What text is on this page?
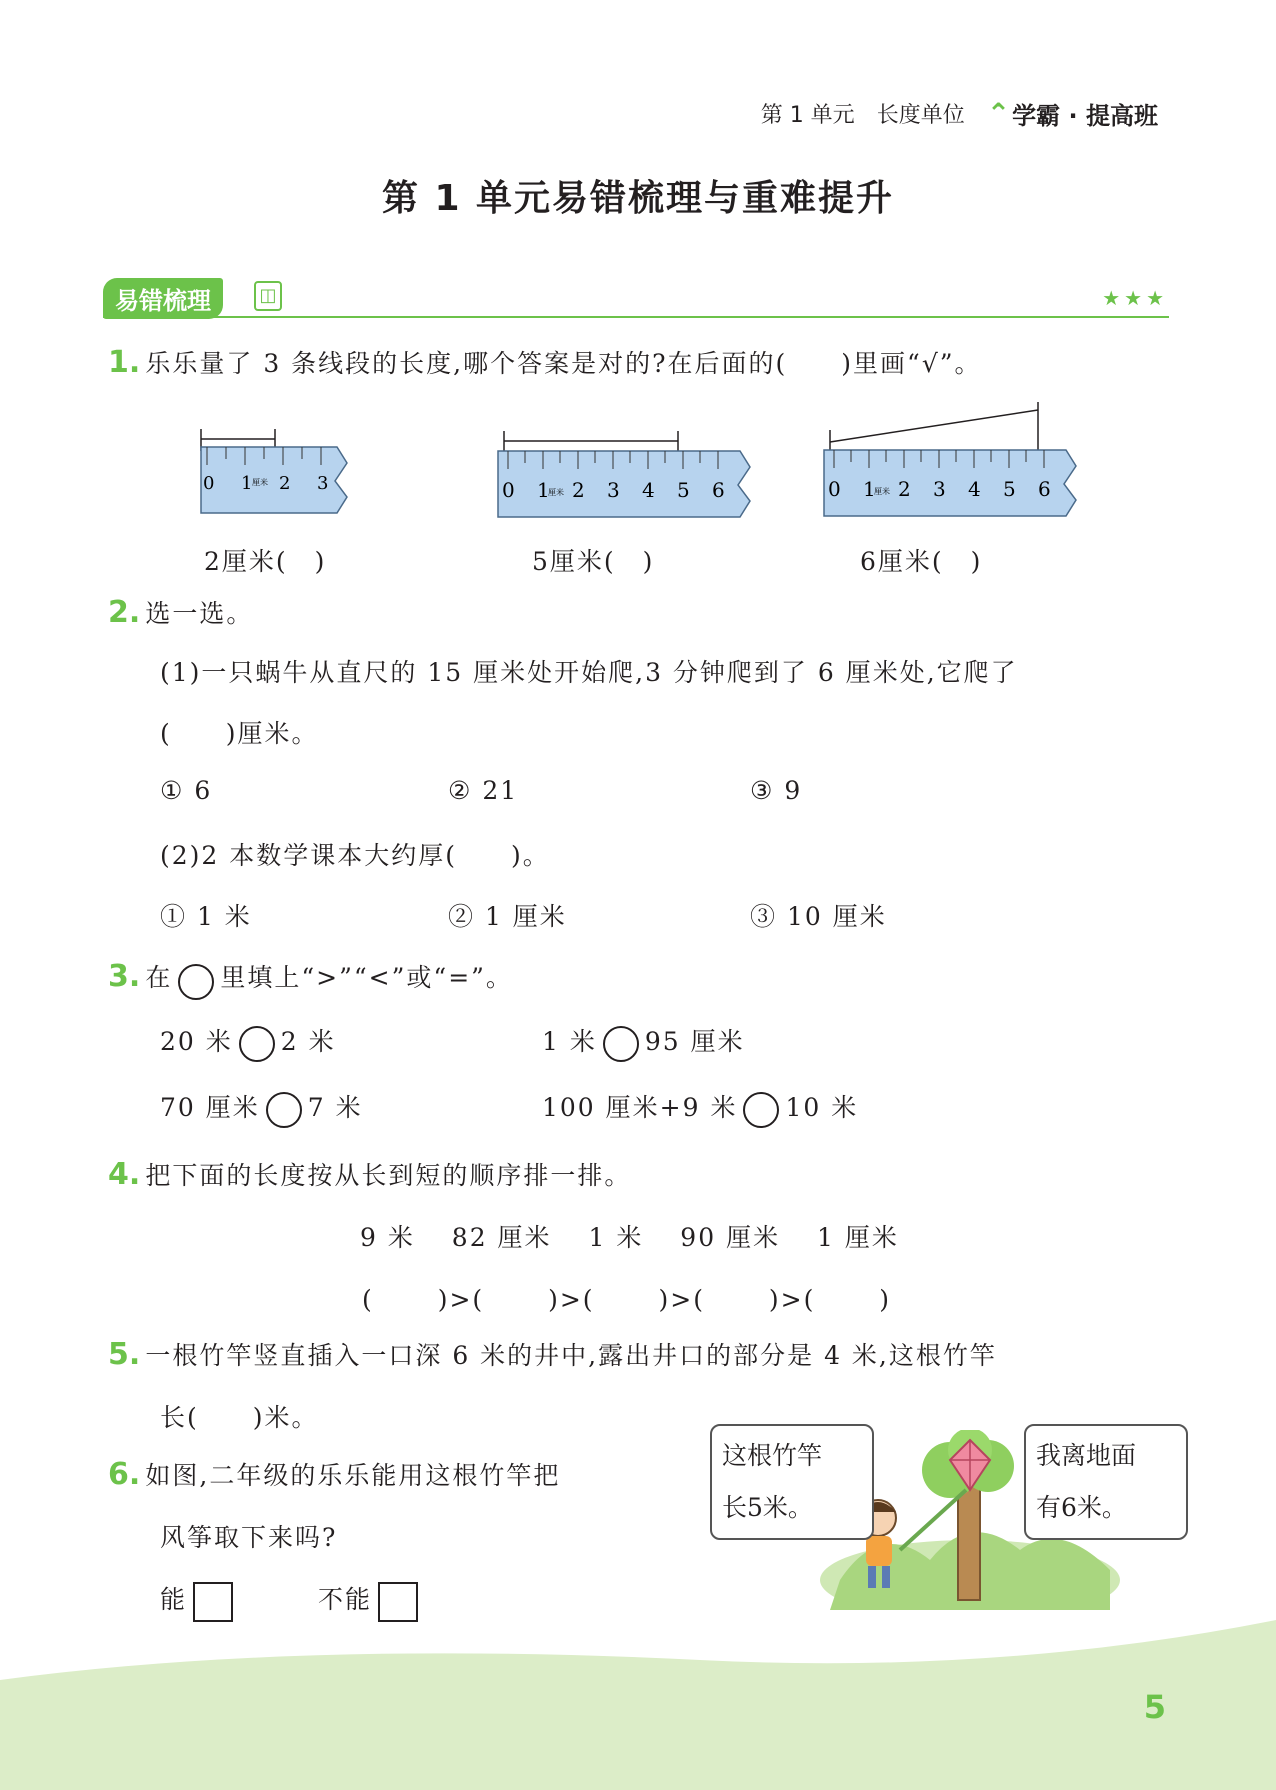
第 1 单元 长度单位 ⌃ 学霸 · 提高班
第 1 单元易错梳理与重难提升
易错梳理	◫	★★★
1. 乐乐量了 3 条线段的长度,哪个答案是对的?在后面的(　　)里画“√”。
0 1 2 3
厘米
2厘米(　)
0 1 2 3 4 5 6
厘米
5厘米(　)
0 1 2 3 4 5 6
厘米
6厘米(　)
2. 选一选。
(1)一只蜗牛从直尺的 15 厘米处开始爬,3 分钟爬到了 6 厘米处,它爬了
(　　)厘米。
① 6	② 21	③ 9
(2)2 本数学课本大约厚(　　)。
① 1 米	② 1 厘米	③ 10 厘米
3. 在 里填上“>”“<”或“=”。
20 米 2 米	1 米 95 厘米
70 厘米 7 米	100 厘米+9 米 10 米
4. 把下面的长度按从长到短的顺序排一排。
9 米　 82 厘米　 1 米　 90 厘米　 1 厘米
(　　 )>(　　 )>(　　 )>(　　 )>(　　 )
5. 一根竹竿竖直插入一口深 6 米的井中,露出井口的部分是 4 米,这根竹竿
长(　　)米。
6. 如图,二年级的乐乐能用这根竹竿把
风筝取下来吗?
能	不能
这根竹竿
长5米。
我离地面
有6米。
5
